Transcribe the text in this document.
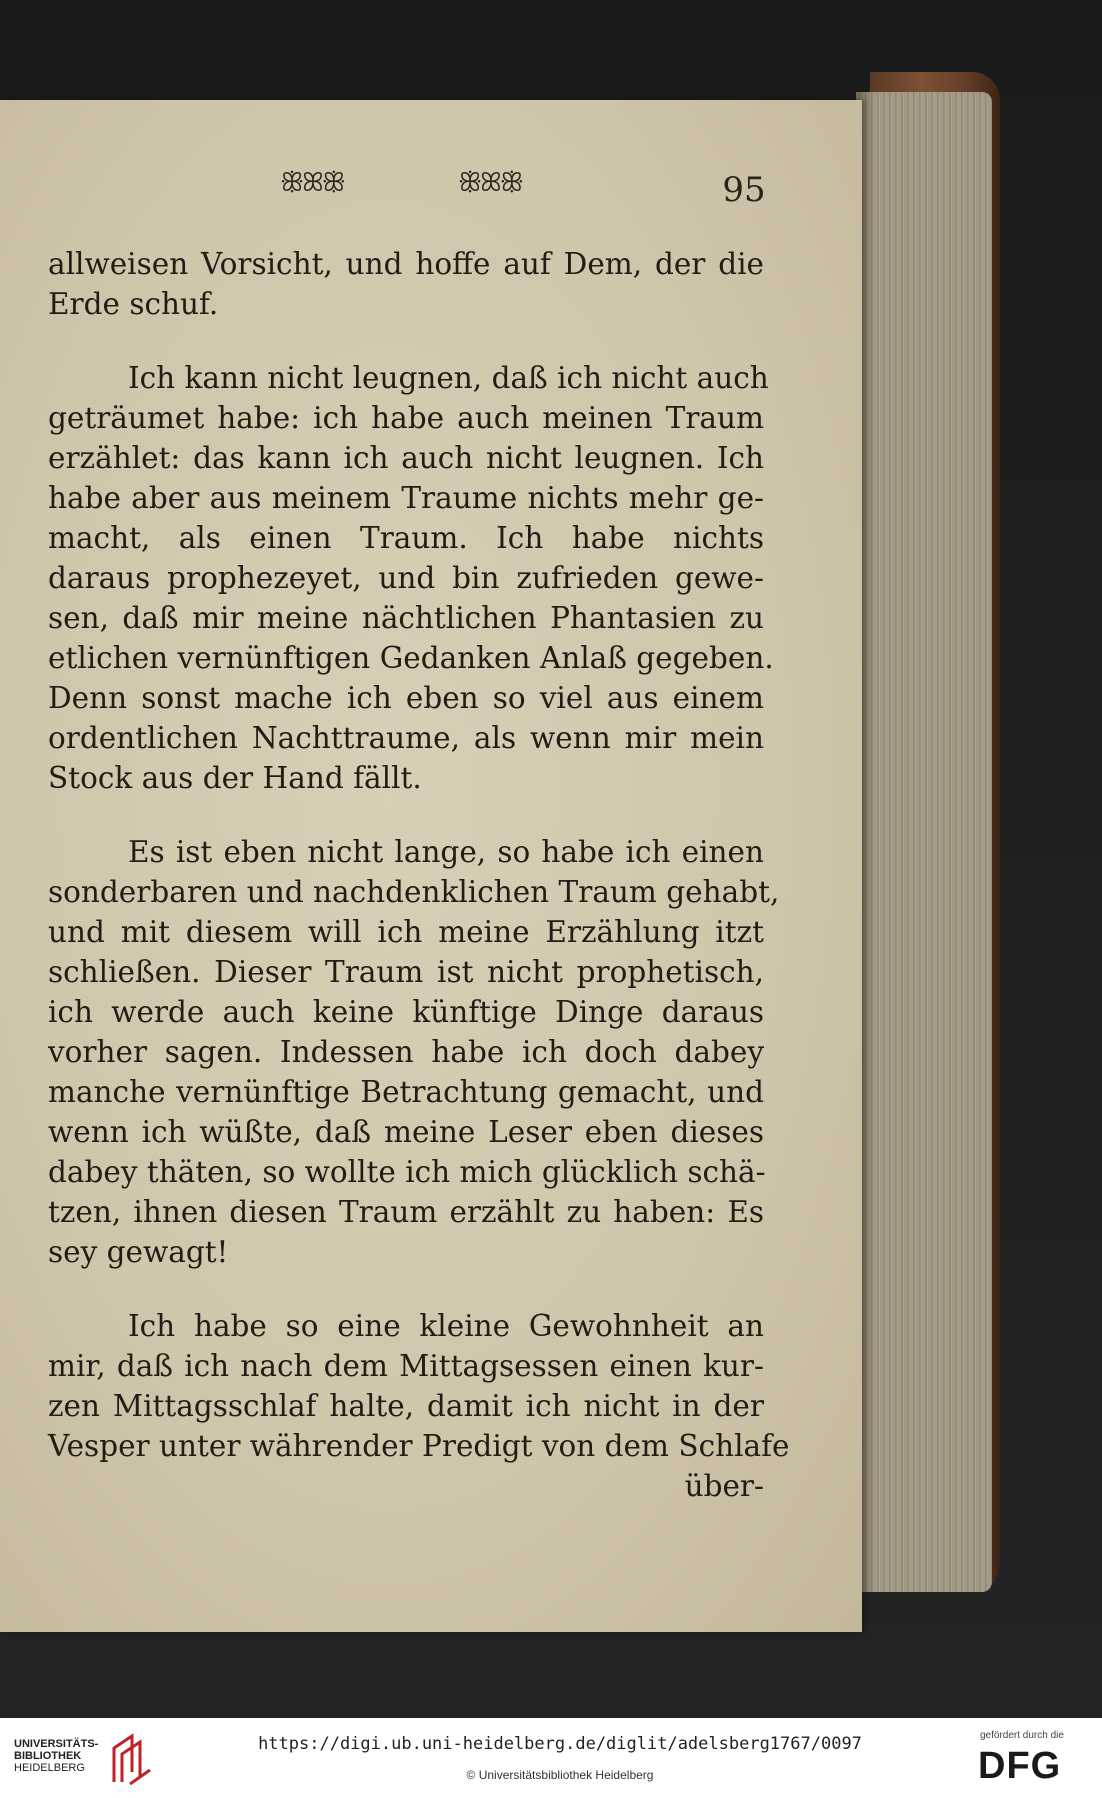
ꕥꕤꕥ	ꕥꕤꕥ	95
allweisen Vorsicht, und hoffe auf Dem, der die
Erde schuf.
Ich kann nicht leugnen, daß ich nicht auch
geträumet habe: ich habe auch meinen Traum
erzählet: das kann ich auch nicht leugnen. Ich
habe aber aus meinem Traume nichts mehr ge-
macht, als einen Traum. Ich habe nichts
daraus prophezeyet, und bin zufrieden gewe-
sen, daß mir meine nächtlichen Phantasien zu
etlichen vernünftigen Gedanken Anlaß gegeben.
Denn sonst mache ich eben so viel aus einem
ordentlichen Nachttraume, als wenn mir mein
Stock aus der Hand fällt.
Es ist eben nicht lange, so habe ich einen
sonderbaren und nachdenklichen Traum gehabt,
und mit diesem will ich meine Erzählung itzt
schließen. Dieser Traum ist nicht prophetisch,
ich werde auch keine künftige Dinge daraus
vorher sagen. Indessen habe ich doch dabey
manche vernünftige Betrachtung gemacht, und
wenn ich wüßte, daß meine Leser eben dieses
dabey thäten, so wollte ich mich glücklich schä-
tzen, ihnen diesen Traum erzählt zu haben: Es
sey gewagt!
Ich habe so eine kleine Gewohnheit an
mir, daß ich nach dem Mittagsessen einen kur-
zen Mittagsschlaf halte, damit ich nicht in der
Vesper unter währender Predigt von dem Schlafe
über-
UNIVERSITÄTS-
BIBLIOTHEK
HEIDELBERG
https://digi.ub.uni-heidelberg.de/diglit/adelsberg1767/0097
© Universitätsbibliothek Heidelberg
gefördert durch die
DFG
